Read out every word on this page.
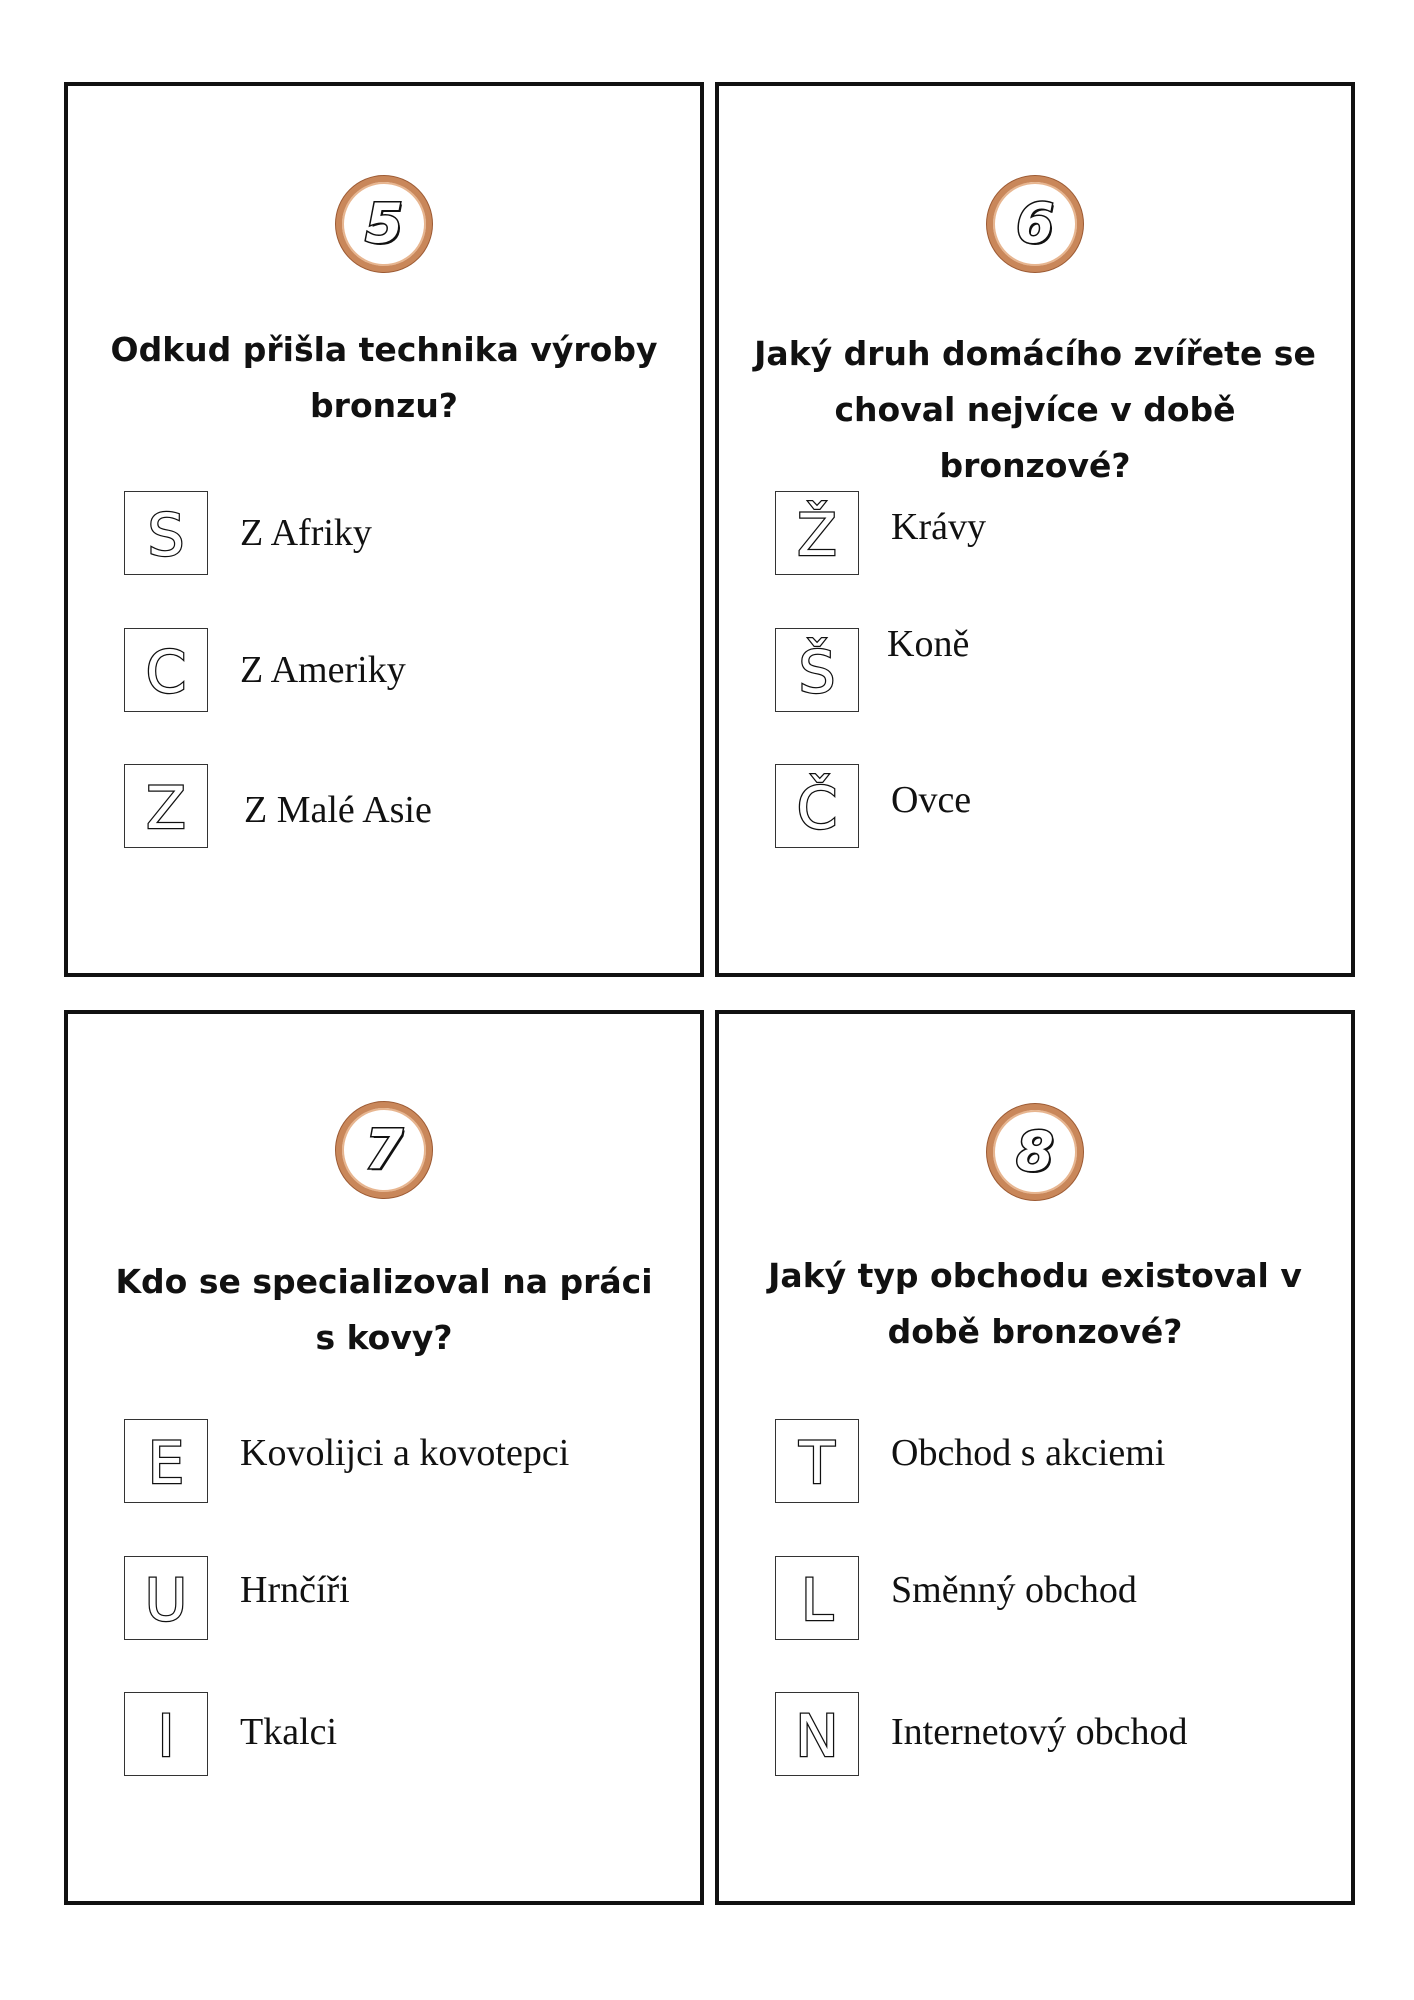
5
Odkud přišla technika výroby bronzu?
S Z Afriky
C Z Ameriky
Z Z Malé Asie
6
Jaký druh domácího zvířete se choval nejvíce v době bronzové?
Ž Krávy
Š Koně
Č Ovce
7
Kdo se specializoval na práci s kovy?
E Kovolijci a kovotepci
U Hrnčíři
I Tkalci
8
Jaký typ obchodu existoval v době bronzové?
T Obchod s akciemi
L Směnný obchod
N Internetový obchod
